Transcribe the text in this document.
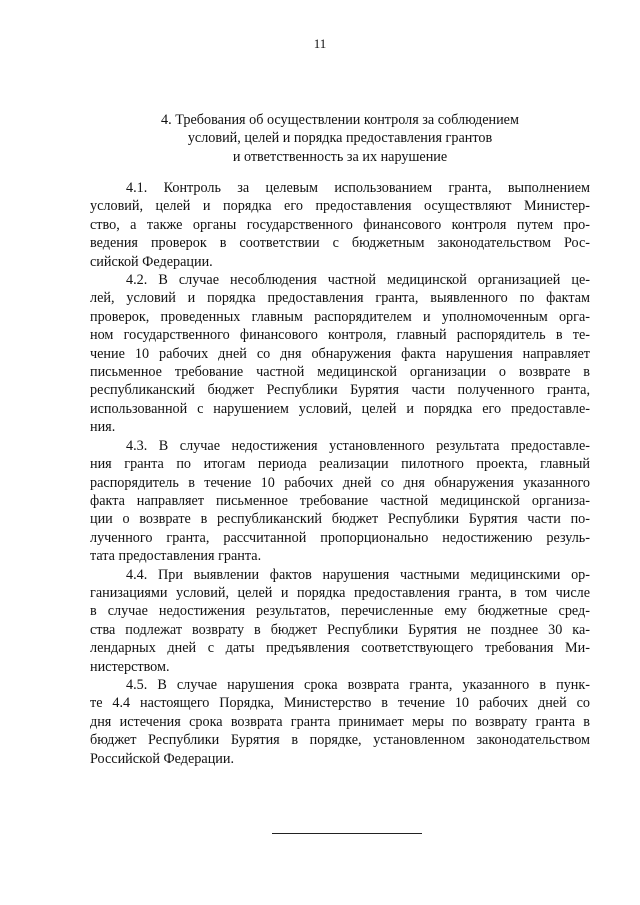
11
4. Требования об осуществлении контроля за соблюдением
условий, целей и порядка предоставления грантов
и ответственность за их нарушение
4.1. Контроль за целевым использованием гранта, выполнением
условий, целей и порядка его предоставления осуществляют Министер-
ство, а также органы государственного финансового контроля путем про-
ведения проверок в соответствии с бюджетным законодательством Рос-
сийской Федерации.
4.2. В случае несоблюдения частной медицинской организацией це-
лей, условий и порядка предоставления гранта, выявленного по фактам
проверок, проведенных главным распорядителем и уполномоченным орга-
ном государственного финансового контроля, главный распорядитель в те-
чение 10 рабочих дней со дня обнаружения факта нарушения направляет
письменное требование частной медицинской организации о возврате в
республиканский бюджет Республики Бурятия части полученного гранта,
использованной с нарушением условий, целей и порядка его предоставле-
ния.
4.3. В случае недостижения установленного результата предоставле-
ния гранта по итогам периода реализации пилотного проекта, главный
распорядитель в течение 10 рабочих дней со дня обнаружения указанного
факта направляет письменное требование частной медицинской организа-
ции о возврате в республиканский бюджет Республики Бурятия части по-
лученного гранта, рассчитанной пропорционально недостижению резуль-
тата предоставления гранта.
4.4. При выявлении фактов нарушения частными медицинскими ор-
ганизациями условий, целей и порядка предоставления гранта, в том числе
в случае недостижения результатов, перечисленные ему бюджетные сред-
ства подлежат возврату в бюджет Республики Бурятия не позднее 30 ка-
лендарных дней с даты предъявления соответствующего требования Ми-
нистерством.
4.5. В случае нарушения срока возврата гранта, указанного в пунк-
те 4.4 настоящего Порядка, Министерство в течение 10 рабочих дней со
дня истечения срока возврата гранта принимает меры по возврату гранта в
бюджет Республики Бурятия в порядке, установленном законодательством
Российской Федерации.
